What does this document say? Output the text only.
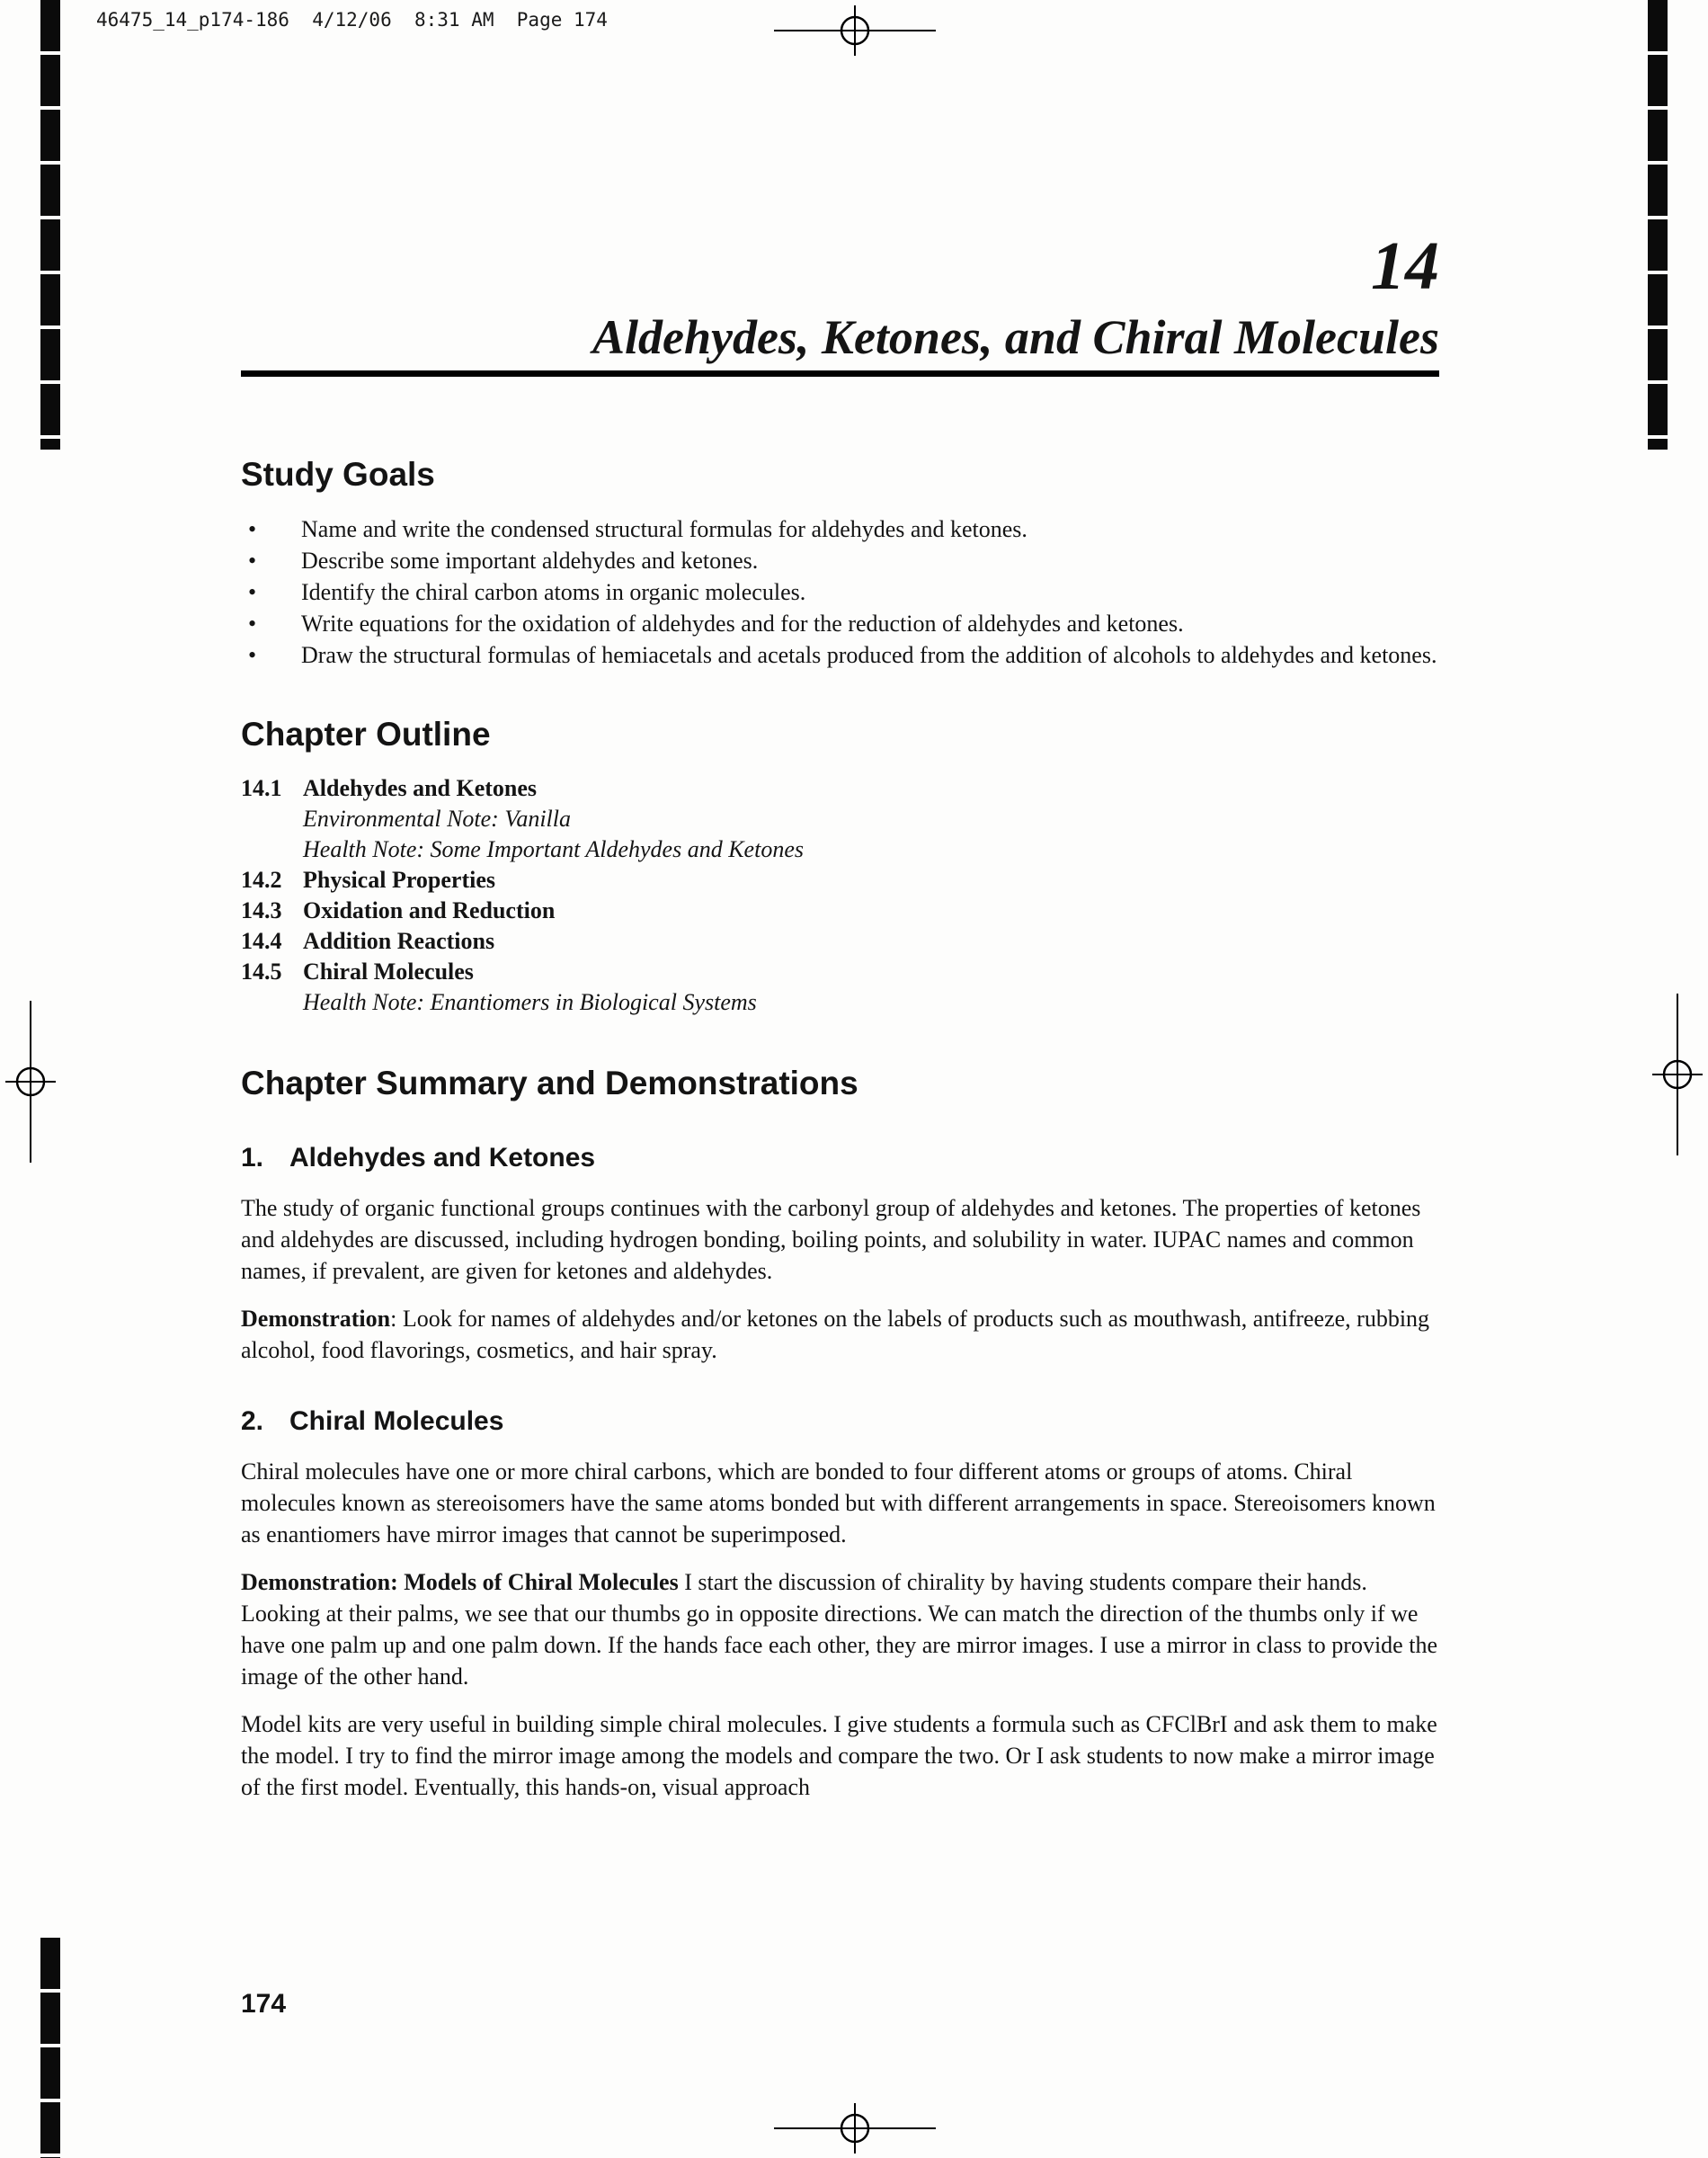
46475_14_p174-186  4/12/06  8:31 AM  Page 174
14
Aldehydes, Ketones, and Chiral Molecules
Study Goals
• Name and write the condensed structural formulas for aldehydes and ketones.
• Describe some important aldehydes and ketones.
• Identify the chiral carbon atoms in organic molecules.
• Write equations for the oxidation of aldehydes and for the reduction of aldehydes and ketones.
• Draw the structural formulas of hemiacetals and acetals produced from the addition of alcohols to aldehydes and ketones.
Chapter Outline
14.1 Aldehydes and Ketones
Environmental Note: Vanilla
Health Note: Some Important Aldehydes and Ketones
14.2 Physical Properties
14.3 Oxidation and Reduction
14.4 Addition Reactions
14.5 Chiral Molecules
Health Note: Enantiomers in Biological Systems
Chapter Summary and Demonstrations
1. Aldehydes and Ketones

The study of organic functional groups continues with the carbonyl group of aldehydes and ketones. The properties of ketones and aldehydes are discussed, including hydrogen bonding, boiling points, and solubility in water. IUPAC names and common names, if prevalent, are given for ketones and aldehydes.

Demonstration: Look for names of aldehydes and/or ketones on the labels of products such as mouthwash, antifreeze, rubbing alcohol, food flavorings, cosmetics, and hair spray.

2. Chiral Molecules

Chiral molecules have one or more chiral carbons, which are bonded to four different atoms or groups of atoms. Chiral molecules known as stereoisomers have the same atoms bonded but with different arrangements in space. Stereoisomers known as enantiomers have mirror images that cannot be superimposed.

Demonstration: Models of Chiral Molecules I start the discussion of chirality by having students compare their hands. Looking at their palms, we see that our thumbs go in opposite directions. We can match the direction of the thumbs only if we have one palm up and one palm down. If the hands face each other, they are mirror images. I use a mirror in class to provide the image of the other hand.

Model kits are very useful in building simple chiral molecules. I give students a formula such as CFClBrI and ask them to make the model. I try to find the mirror image among the models and compare the two. Or I ask students to now make a mirror image of the first model. Eventually, this hands-on, visual approach

174
